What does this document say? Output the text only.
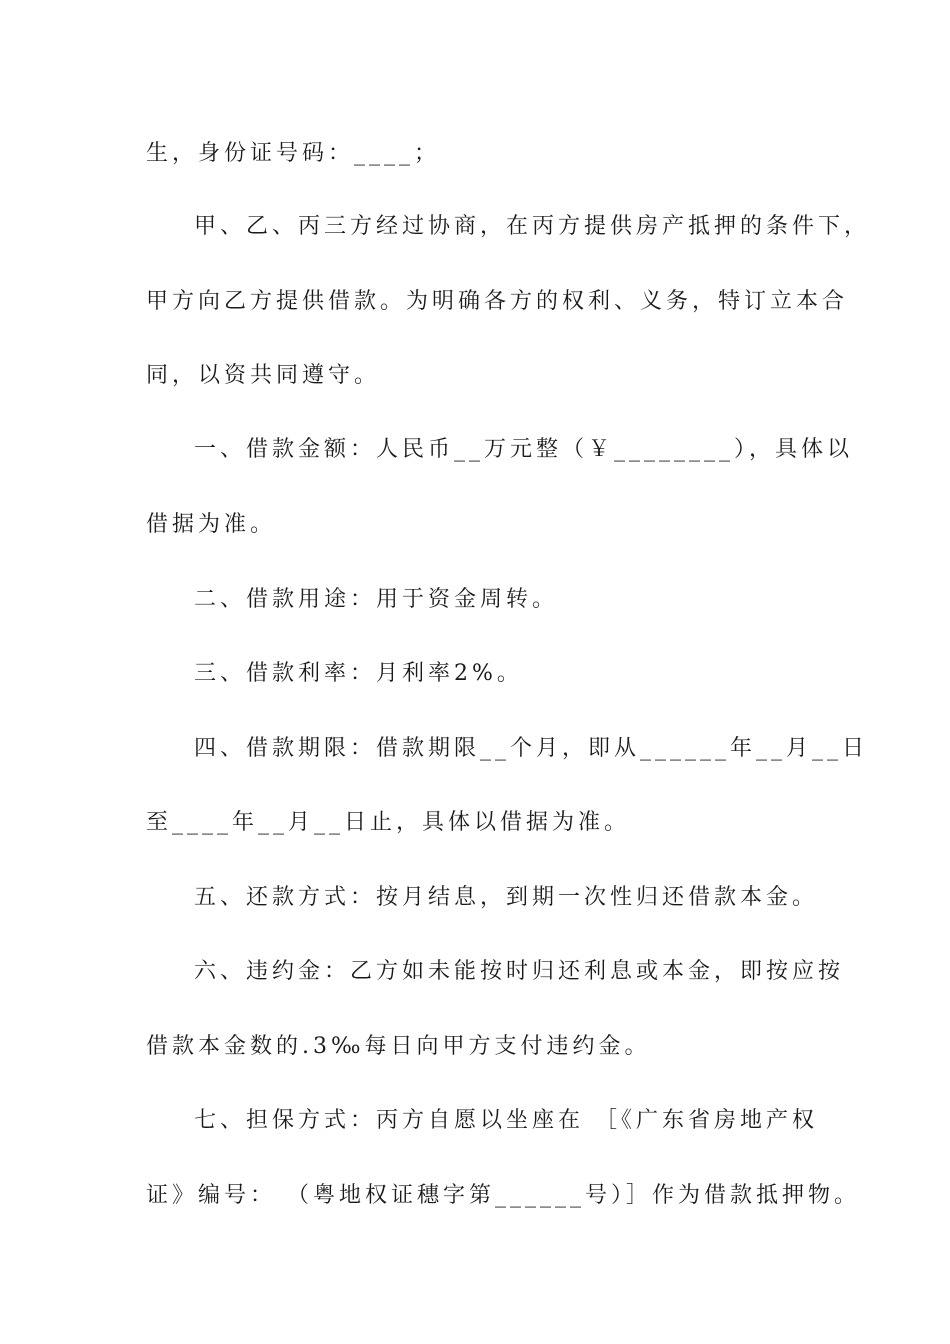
生，身份证号码：____；
甲、乙、丙三方经过协商，在丙方提供房产抵押的条件下，
甲方向乙方提供借款。为明确各方的权利、义务，特订立本合
同，以资共同遵守。
一、借款金额：人民币__万元整（￥________），具体以
借据为准。
二、借款用途：用于资金周转。
三、借款利率：月利率2%。
四、借款期限：借款期限__个月，即从______年__月__日
至____年__月__日止，具体以借据为准。
五、还款方式：按月结息，到期一次性归还借款本金。
六、违约金：乙方如未能按时归还利息或本金，即按应按
借款本金数的.3‰每日向甲方支付违约金。
七、担保方式：丙方自愿以坐座在 ［《广东省房地产权
证》编号： （粤地权证穗字第______号）］作为借款抵押物。
